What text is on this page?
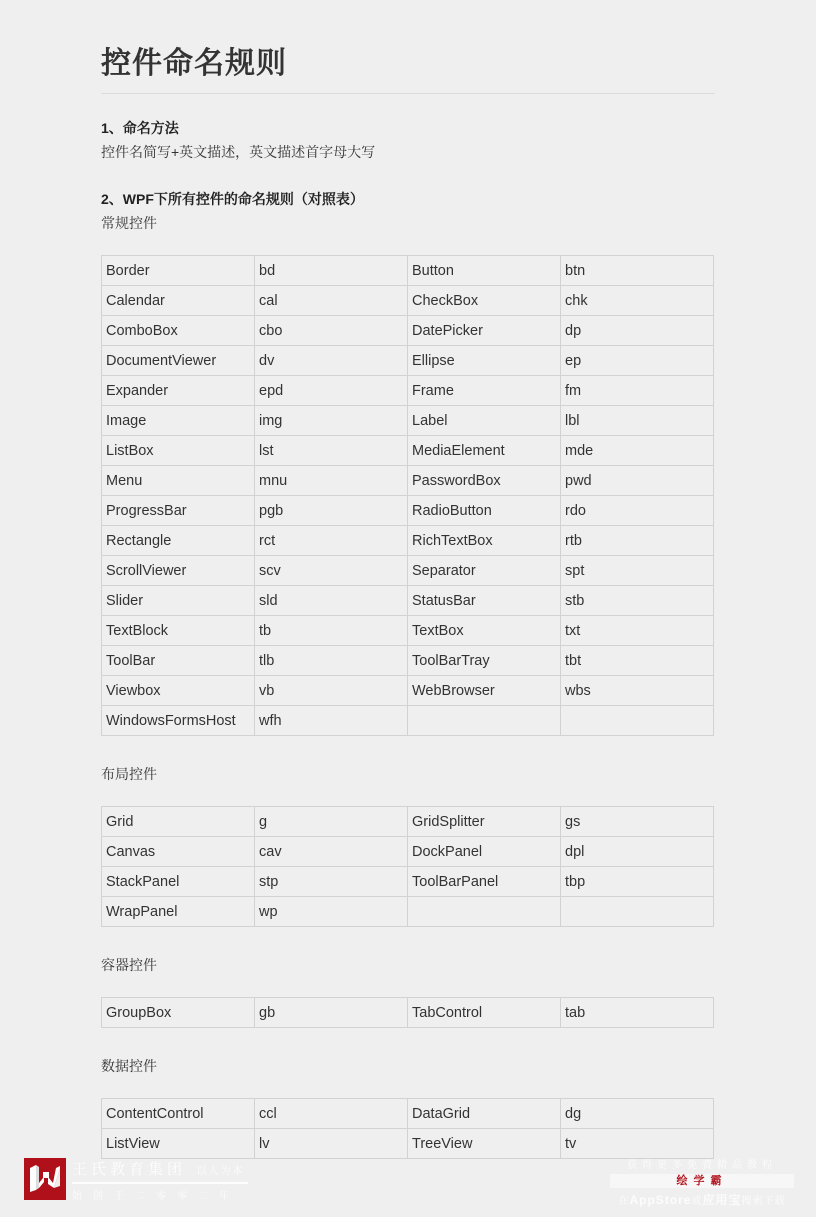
控件命名规则
1、命名方法
控件名简写+英文描述，英文描述首字母大写
2、WPF下所有控件的命名规则（对照表）
常规控件
Border	bd	Button	btn
Calendar	cal	CheckBox	chk
ComboBox	cbo	DatePicker	dp
DocumentViewer	dv	Ellipse	ep
Expander	epd	Frame	fm
Image	img	Label	lbl
ListBox	lst	MediaElement	mde
Menu	mnu	PasswordBox	pwd
ProgressBar	pgb	RadioButton	rdo
Rectangle	rct	RichTextBox	rtb
ScrollViewer	scv	Separator	spt
Slider	sld	StatusBar	stb
TextBlock	tb	TextBox	txt
ToolBar	tlb	ToolBarTray	tbt
Viewbox	vb	WebBrowser	wbs
WindowsFormsHost	wfh		
布局控件
Grid	g	GridSplitter	gs
Canvas	cav	DockPanel	dpl
StackPanel	stp	ToolBarPanel	tbp
WrapPanel	wp		
容器控件
GroupBox	gb	TabControl	tab
数据控件
ContentControl	ccl	DataGrid	dg
ListView	lv	TreeView	tv
王氏教育集团 以人为本
始创于二零零二年
获得更多免费精品教程
绘学霸
在AppStore或应用宝搜索下载
